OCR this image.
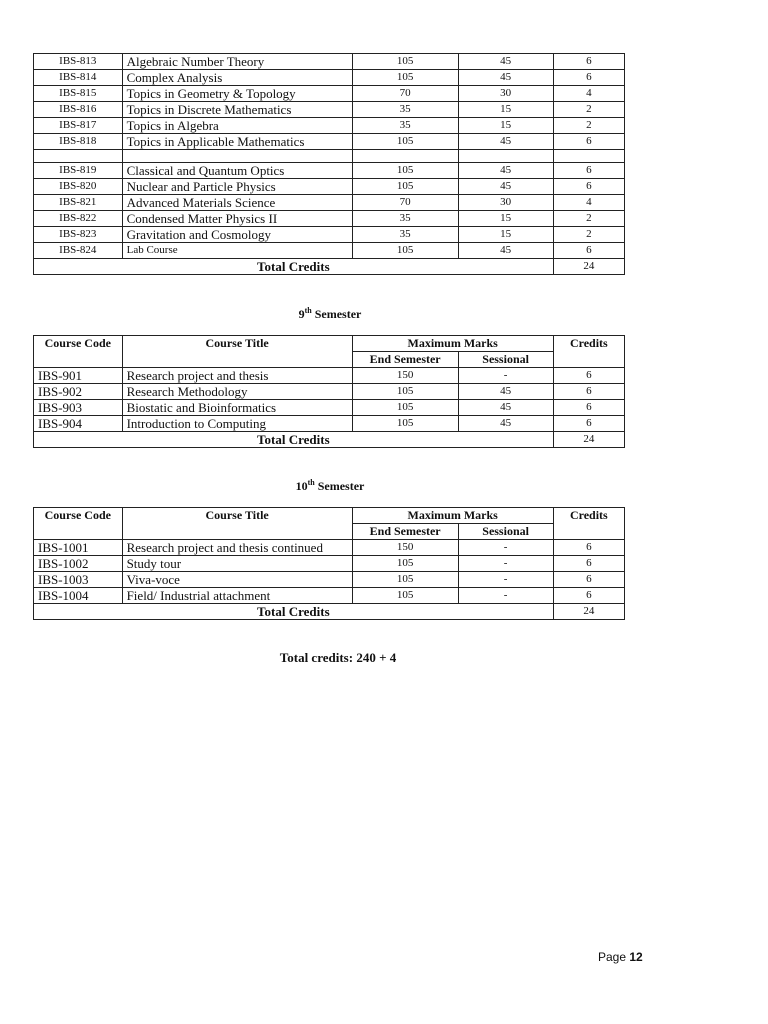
IBS-813	Algebraic Number Theory	105	45	6
IBS-814	Complex Analysis	105	45	6
IBS-815	Topics in Geometry & Topology	70	30	4
IBS-816	Topics in Discrete Mathematics	35	15	2
IBS-817	Topics in Algebra	35	15	2
IBS-818	Topics in Applicable Mathematics	105	45	6

IBS-819	Classical and Quantum Optics	105	45	6
IBS-820	Nuclear and Particle Physics	105	45	6
IBS-821	Advanced Materials Science	70	30	4
IBS-822	Condensed Matter Physics II	35	15	2
IBS-823	Gravitation and Cosmology	35	15	2
IBS-824	Lab Course	105	45	6
Total Credits				24
9th Semester
Course Code	Course Title	Maximum Marks		Credits
		End Semester	Sessional	
IBS-901	Research project and thesis	150	-	6
IBS-902	Research Methodology	105	45	6
IBS-903	Biostatic and Bioinformatics	105	45	6
IBS-904	Introduction to Computing	105	45	6
Total Credits				24
10th Semester
Course Code	Course Title	Maximum Marks		Credits
		End Semester	Sessional	
IBS-1001	Research project and thesis continued	150	-	6
IBS-1002	Study tour	105	-	6
IBS-1003	Viva-voce	105	-	6
IBS-1004	Field/ Industrial attachment	105	-	6
Total Credits				24
Total credits: 240 + 4
Page 12
